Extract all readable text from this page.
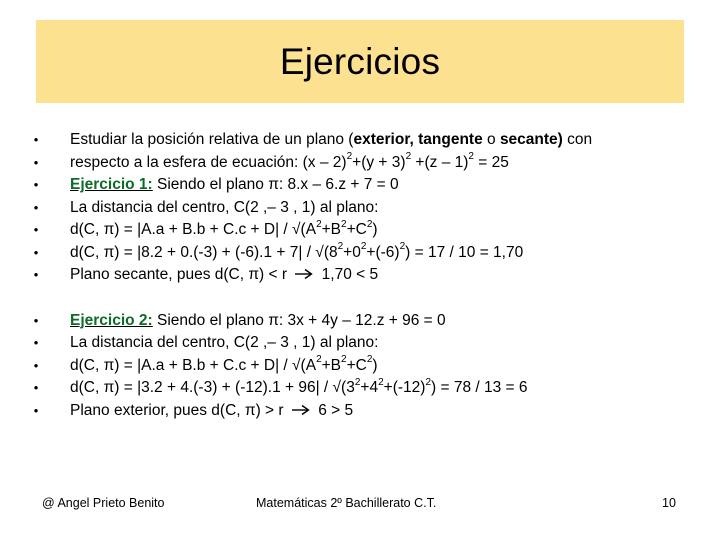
Ejercicios
•
•
Estudiar la posición relativa de un plano (exterior, tangente o secante) con
respecto a la esfera de ecuación: $(x - 2)^2+(y + 3)^2 +(z - 1)^2 = 25$
• Ejercicio 1: Siendo el plano π: 8.x – 6.z + 7 = 0
• La distancia del centro, C(2 ,– 3 , 1) al plano:
• d(C, $\pi) = |A.a + B.b + C.c + D| / √(A^2+B^2+C^2)$
• d(C, $\pi) = |8.2 + 0.(-3) + (-6).1 + 7| / √(8^2+0^2+(-6)^2) = 17 / 10 = 1,70$
• Plano secante, pues d(C, π) < r 1,70 < 5
• Ejercicio 2: Siendo el plano π: 3x + 4y – 12.z + 96 = 0
• La distancia del centro, C(2 ,– 3 , 1) al plano:
• d(C, $\pi) = |A.a + B.b + C.c + D| / √(A^2+B^2+C^2)$
• d(C, $\pi) = |3.2 + 4.(-3) + (-12).1 + 96| / √(3^2+4^2+(-12)^2) = 78 / 13 = 6$
• Plano exterior, pues d(C, π) > r 6 > 5
@ Angel Prieto Benito	Matemáticas 2º Bachillerato C.T.	10
